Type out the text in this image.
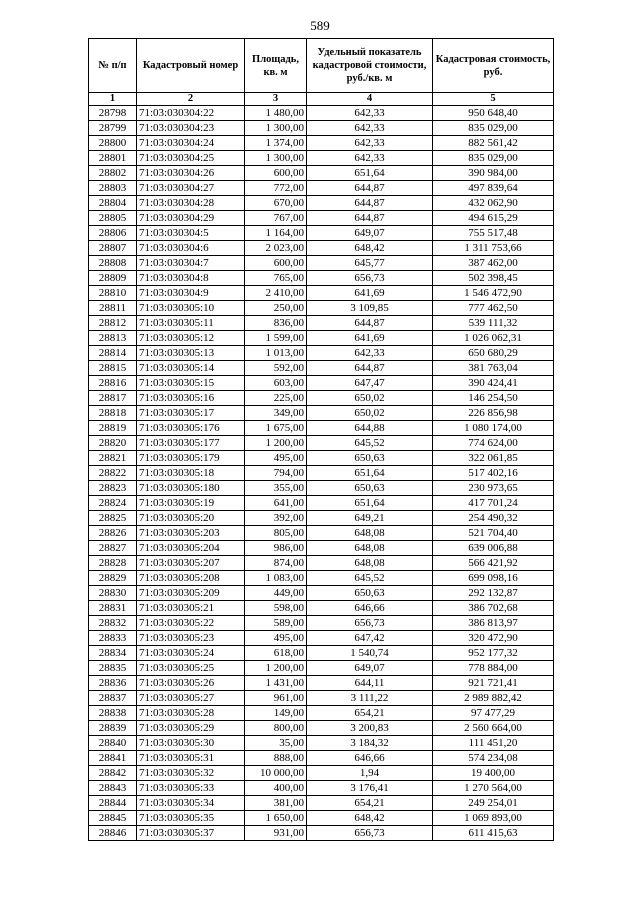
589
№ п/п	Кадастровый номер	Площадь, кв. м	Удельный показатель кадастровой стоимости, руб./кв. м	Кадастровая стоимость, руб.
1	2	3	4	5
28798	71:03:030304:22	1 480,00	642,33	950 648,40
28799	71:03:030304:23	1 300,00	642,33	835 029,00
28800	71:03:030304:24	1 374,00	642,33	882 561,42
28801	71:03:030304:25	1 300,00	642,33	835 029,00
28802	71:03:030304:26	600,00	651,64	390 984,00
28803	71:03:030304:27	772,00	644,87	497 839,64
28804	71:03:030304:28	670,00	644,87	432 062,90
28805	71:03:030304:29	767,00	644,87	494 615,29
28806	71:03:030304:5	1 164,00	649,07	755 517,48
28807	71:03:030304:6	2 023,00	648,42	1 311 753,66
28808	71:03:030304:7	600,00	645,77	387 462,00
28809	71:03:030304:8	765,00	656,73	502 398,45
28810	71:03:030304:9	2 410,00	641,69	1 546 472,90
28811	71:03:030305:10	250,00	3 109,85	777 462,50
28812	71:03:030305:11	836,00	644,87	539 111,32
28813	71:03:030305:12	1 599,00	641,69	1 026 062,31
28814	71:03:030305:13	1 013,00	642,33	650 680,29
28815	71:03:030305:14	592,00	644,87	381 763,04
28816	71:03:030305:15	603,00	647,47	390 424,41
28817	71:03:030305:16	225,00	650,02	146 254,50
28818	71:03:030305:17	349,00	650,02	226 856,98
28819	71:03:030305:176	1 675,00	644,88	1 080 174,00
28820	71:03:030305:177	1 200,00	645,52	774 624,00
28821	71:03:030305:179	495,00	650,63	322 061,85
28822	71:03:030305:18	794,00	651,64	517 402,16
28823	71:03:030305:180	355,00	650,63	230 973,65
28824	71:03:030305:19	641,00	651,64	417 701,24
28825	71:03:030305:20	392,00	649,21	254 490,32
28826	71:03:030305:203	805,00	648,08	521 704,40
28827	71:03:030305:204	986,00	648,08	639 006,88
28828	71:03:030305:207	874,00	648,08	566 421,92
28829	71:03:030305:208	1 083,00	645,52	699 098,16
28830	71:03:030305:209	449,00	650,63	292 132,87
28831	71:03:030305:21	598,00	646,66	386 702,68
28832	71:03:030305:22	589,00	656,73	386 813,97
28833	71:03:030305:23	495,00	647,42	320 472,90
28834	71:03:030305:24	618,00	1 540,74	952 177,32
28835	71:03:030305:25	1 200,00	649,07	778 884,00
28836	71:03:030305:26	1 431,00	644,11	921 721,41
28837	71:03:030305:27	961,00	3 111,22	2 989 882,42
28838	71:03:030305:28	149,00	654,21	97 477,29
28839	71:03:030305:29	800,00	3 200,83	2 560 664,00
28840	71:03:030305:30	35,00	3 184,32	111 451,20
28841	71:03:030305:31	888,00	646,66	574 234,08
28842	71:03:030305:32	10 000,00	1,94	19 400,00
28843	71:03:030305:33	400,00	3 176,41	1 270 564,00
28844	71:03:030305:34	381,00	654,21	249 254,01
28845	71:03:030305:35	1 650,00	648,42	1 069 893,00
28846	71:03:030305:37	931,00	656,73	611 415,63
